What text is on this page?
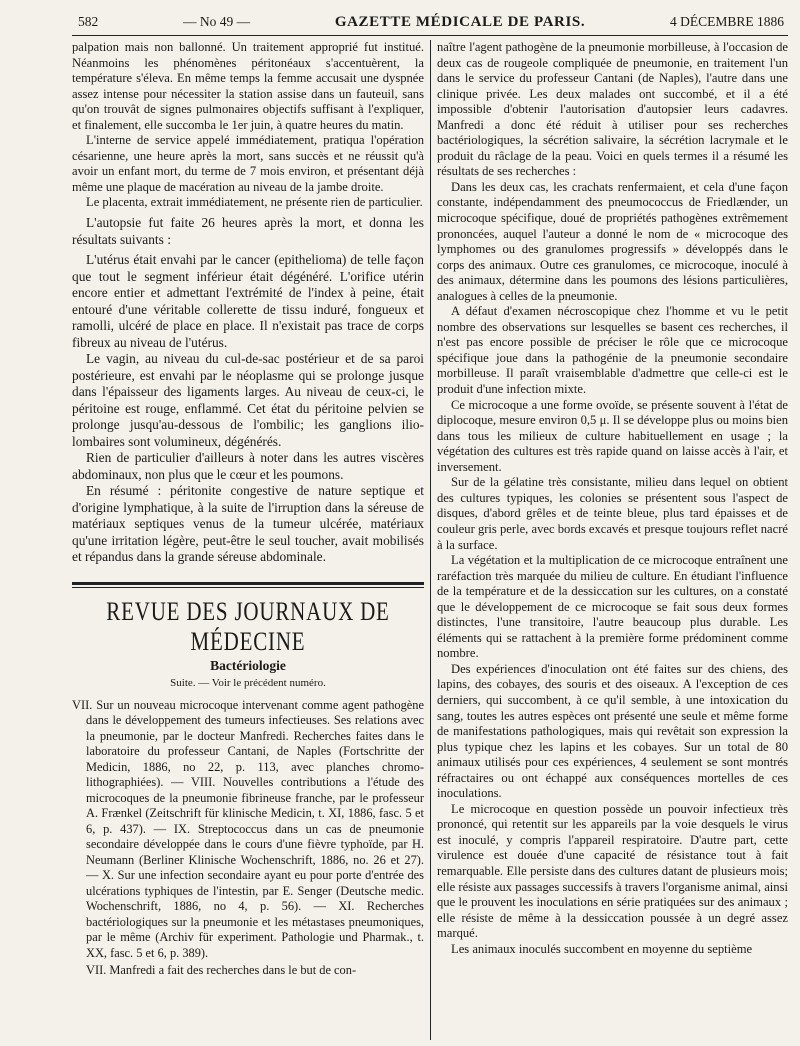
582	— No 49 —	GAZETTE MÉDICALE DE PARIS.	4 DÉCEMBRE 1886

palpation mais non ballonné. Un traitement approprié fut institué. Néanmoins les phénomènes péritonéaux s'accentuèrent, la température s'éleva. En même temps la femme accusait une dyspnée assez intense pour nécessiter la station assise dans un fauteuil, sans qu'on trouvât de signes pulmonaires objectifs suffisant à l'expliquer, et finalement, elle succomba le 1er juin, à quatre heures du matin.

L'interne de service appelé immédiatement, pratiqua l'opération césarienne, une heure après la mort, sans succès et ne réussit qu'à avoir un enfant mort, du terme de 7 mois environ, et présentant déjà même une plaque de macération au niveau de la jambe droite.

Le placenta, extrait immédiatement, ne présente rien de particulier.

L'autopsie fut faite 26 heures après la mort, et donna les résultats suivants :

L'utérus était envahi par le cancer (epithelioma) de telle façon que tout le segment inférieur était dégénéré. L'orifice utérin encore entier et admettant l'extrémité de l'index à peine, était entouré d'une véritable collerette de tissu induré, fongueux et ramolli, ulcéré de place en place. Il n'existait pas trace de corps fibreux au niveau de l'utérus.

Le vagin, au niveau du cul-de-sac postérieur et de sa paroi postérieure, est envahi par le néoplasme qui se prolonge jusque dans l'épaisseur des ligaments larges. Au niveau de ceux-ci, le péritoine est rouge, enflammé. Cet état du péritoine pelvien se prolonge jusqu'au-dessous de l'ombilic; les ganglions ilio-lombaires sont volumineux, dégénérés.

Rien de particulier d'ailleurs à noter dans les autres viscères abdominaux, non plus que le cœur et les poumons.

En résumé : péritonite congestive de nature septique et d'origine lymphatique, à la suite de l'irruption dans la séreuse de matériaux septiques venus de la tumeur ulcérée, matériaux qu'une irritation légère, peut-être le seul toucher, avait mobilisés et répandus dans la grande séreuse abdominale.

REVUE DES JOURNAUX DE MÉDECINE
Bactériologie
Suite. — Voir le précédent numéro.

VII. Sur un nouveau microcoque intervenant comme agent pathogène dans le développement des tumeurs infectieuses. Ses relations avec la pneumonie, par le docteur Manfredi. Recherches faites dans le laboratoire du professeur Cantani, de Naples (Fortschritte der Medicin, 1886, no 22, p. 113, avec planches chromo-lithographiées). — VIII. Nouvelles contributions a l'étude des microcoques de la pneumonie fibrineuse franche, par le professeur A. Frænkel (Zeitschrift für klinische Medicin, t. XI, 1886, fasc. 5 et 6, p. 437). — IX. Streptococcus dans un cas de pneumonie secondaire développée dans le cours d'une fièvre typhoïde, par H. Neumann (Berliner Klinische Wochenschrift, 1886, no. 26 et 27). — X. Sur une infection secondaire ayant eu pour porte d'entrée des ulcérations typhiques de l'intestin, par E. Senger (Deutsche medic. Wochenschrift, 1886, no 4, p. 56). — XI. Recherches bactériologiques sur la pneumonie et les métastases pneumoniques, par le même (Archiv für experiment. Pathologie und Pharmak., t. XX, fasc. 5 et 6, p. 389).

VII. Manfredi a fait des recherches dans le but de con-

naître l'agent pathogène de la pneumonie morbilleuse, à l'occasion de deux cas de rougeole compliquée de pneumonie, en traitement l'un dans le service du professeur Cantani (de Naples), l'autre dans une clinique privée. Les deux malades ont succombé, et il a été impossible d'obtenir l'autorisation d'autopsier leurs cadavres. Manfredi a donc été réduit à utiliser pour ses recherches bactériologiques, la sécrétion salivaire, la sécrétion lacrymale et le produit du râclage de la peau. Voici en quels termes il a résumé les résultats de ses recherches :

Dans les deux cas, les crachats renfermaient, et cela d'une façon constante, indépendamment des pneumococcus de Friedlænder, un microcoque spécifique, doué de propriétés pathogènes extrêmement prononcées, auquel l'auteur a donné le nom de « microcoque des lymphomes ou des granulomes progressifs » développés dans le corps des animaux. Outre ces granulomes, ce microcoque, inoculé à des animaux, détermine dans les poumons des lésions particulières, analogues à celles de la pneumonie.

A défaut d'examen nécroscopique chez l'homme et vu le petit nombre des observations sur lesquelles se basent ces recherches, il n'est pas encore possible de préciser le rôle que ce microcoque spécifique joue dans la pathogénie de la pneumonie secondaire morbilleuse. Il paraît vraisemblable d'admettre que celle-ci est le produit d'une infection mixte.

Ce microcoque a une forme ovoïde, se présente souvent à l'état de diplocoque, mesure environ 0,5 μ. Il se développe plus ou moins bien dans tous les milieux de culture habituellement en usage ; la végétation des cultures est très rapide quand on laisse accès à l'air, et inversement.

Sur de la gélatine très consistante, milieu dans lequel on obtient des cultures typiques, les colonies se présentent sous l'aspect de disques, d'abord grêles et de teinte bleue, plus tard épaisses et de couleur gris perle, avec bords excavés et presque toujours reflet nacré à la surface.

La végétation et la multiplication de ce microcoque entraînent une raréfaction très marquée du milieu de culture. En étudiant l'influence de la température et de la dessiccation sur les cultures, on a constaté que le développement de ce microcoque se fait sous deux formes distinctes, l'une transitoire, l'autre beaucoup plus durable. Les éléments qui se rattachent à la première forme prédominent comme nombre.

Des expériences d'inoculation ont été faites sur des chiens, des lapins, des cobayes, des souris et des oiseaux. A l'exception de ces derniers, qui succombent, à ce qu'il semble, à une intoxication du sang, toutes les autres espèces ont présenté une seule et même forme de manifestations pathologiques, mais qui revêtait son expression la plus typique chez les lapins et les cobayes. Sur un total de 80 animaux utilisés pour ces expériences, 4 seulement se sont montrés réfractaires ou ont échappé aux conséquences mortelles de ces inoculations.

Le microcoque en question possède un pouvoir infectieux très prononcé, qui retentit sur les appareils par la voie desquels le virus est inoculé, y compris l'appareil respiratoire. D'autre part, cette virulence est douée d'une capacité de résistance tout à fait remarquable. Elle persiste dans des cultures datant de plusieurs mois; elle résiste aux passages successifs à travers l'organisme animal, ainsi que le prouvent les inoculations en série pratiquées sur des animaux ; elle résiste de même à la dessiccation poussée à un degré assez marqué.

Les animaux inoculés succombent en moyenne du septième
